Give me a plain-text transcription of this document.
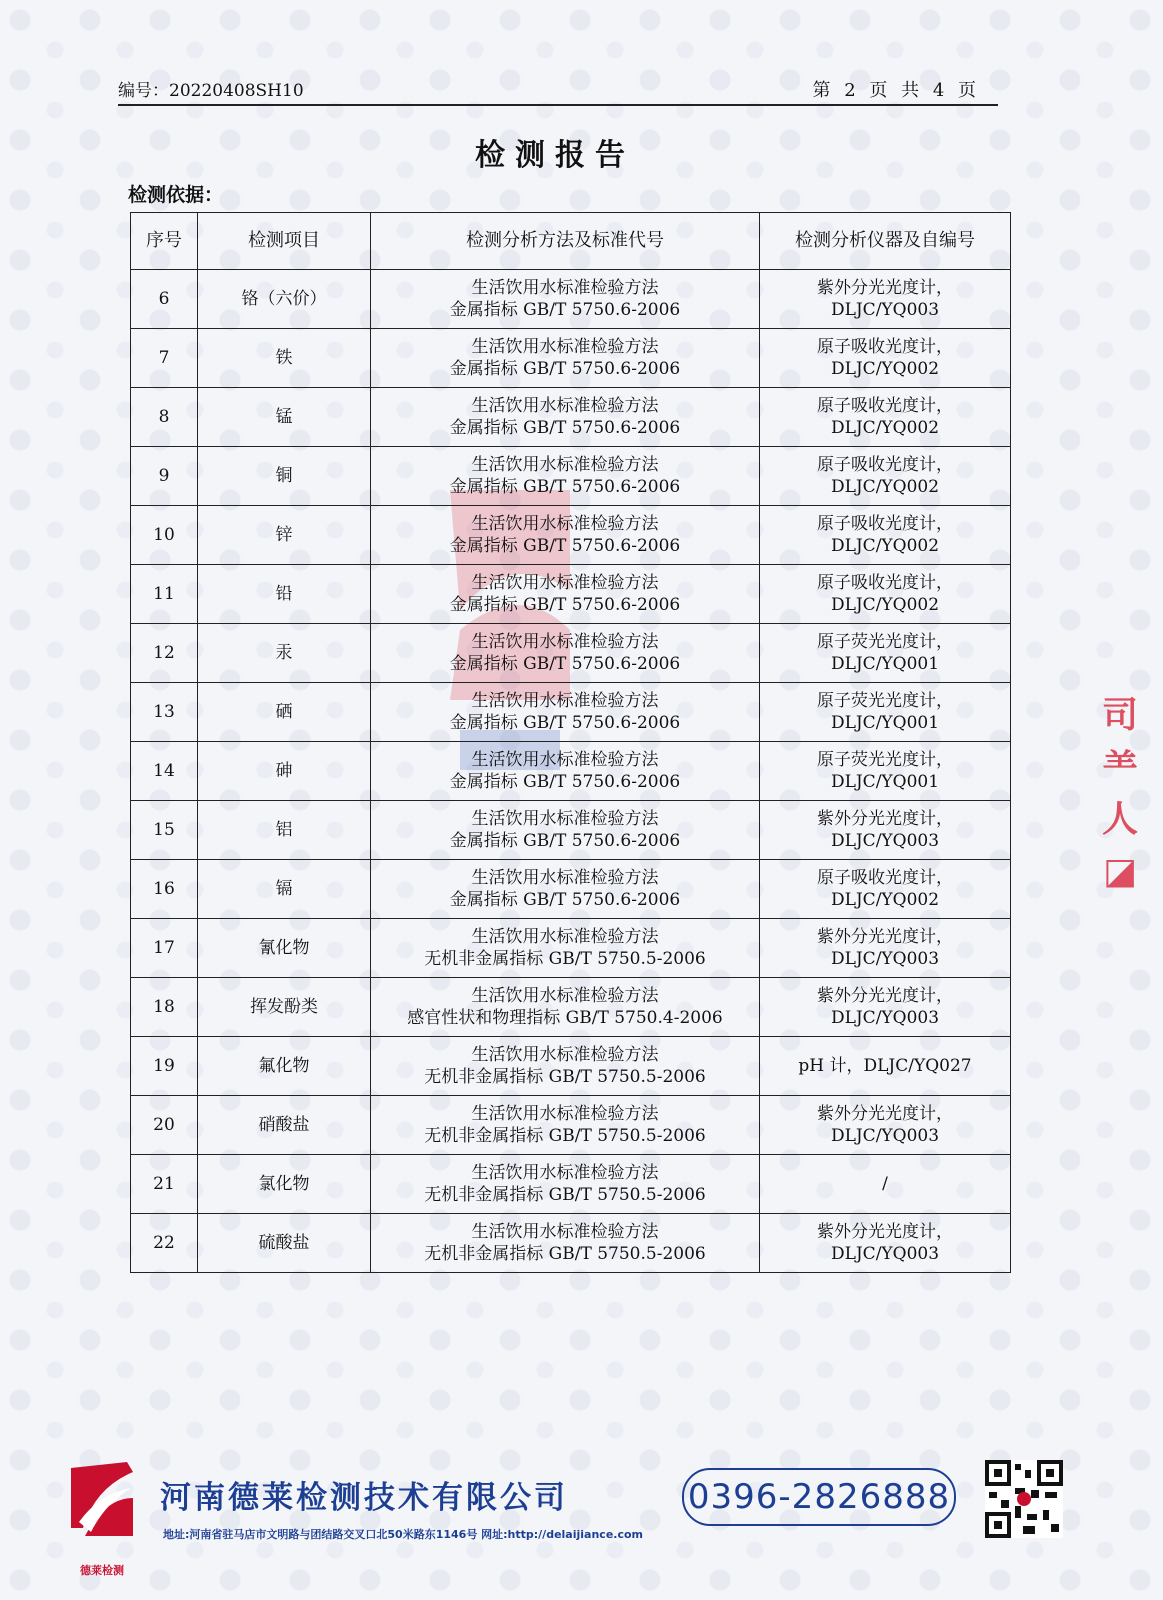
编号：20220408SH10	第 2 页 共 4 页
检测报告
检测依据：
序号	检测项目	检测分析方法及标准代号	检测分析仪器及自编号
6	铬（六价）	生活饮用水标准检验方法
金属指标 GB/T 5750.6-2006	紫外分光光度计，
DLJC/YQ003

7	铁	生活饮用水标准检验方法
金属指标 GB/T 5750.6-2006	原子吸收光度计，
DLJC/YQ002

8	锰	生活饮用水标准检验方法
金属指标 GB/T 5750.6-2006	原子吸收光度计，
DLJC/YQ002

9	铜	生活饮用水标准检验方法
金属指标 GB/T 5750.6-2006	原子吸收光度计，
DLJC/YQ002

10	锌	生活饮用水标准检验方法
金属指标 GB/T 5750.6-2006	原子吸收光度计，
DLJC/YQ002

11	铅	生活饮用水标准检验方法
金属指标 GB/T 5750.6-2006	原子吸收光度计，
DLJC/YQ002

12	汞	生活饮用水标准检验方法
金属指标 GB/T 5750.6-2006	原子荧光光度计，
DLJC/YQ001

13	硒	生活饮用水标准检验方法
金属指标 GB/T 5750.6-2006	原子荧光光度计，
DLJC/YQ001

14	砷	生活饮用水标准检验方法
金属指标 GB/T 5750.6-2006	原子荧光光度计，
DLJC/YQ001

15	铝	生活饮用水标准检验方法
金属指标 GB/T 5750.6-2006	紫外分光光度计，
DLJC/YQ003

16	镉	生活饮用水标准检验方法
金属指标 GB/T 5750.6-2006	原子吸收光度计，
DLJC/YQ002

17	氰化物	生活饮用水标准检验方法
无机非金属指标 GB/T 5750.5-2006	紫外分光光度计，
DLJC/YQ003

18	挥发酚类	生活饮用水标准检验方法
感官性状和物理指标 GB/T 5750.4-2006	紫外分光光度计，
DLJC/YQ003

19	氟化物	生活饮用水标准检验方法
无机非金属指标 GB/T 5750.5-2006	pH 计，DLJC/YQ027

20	硝酸盐	生活饮用水标准检验方法
无机非金属指标 GB/T 5750.5-2006	紫外分光光度计，
DLJC/YQ003

21	氯化物	生活饮用水标准检验方法
无机非金属指标 GB/T 5750.5-2006	/

22	硫酸盐	生活饮用水标准检验方法
无机非金属指标 GB/T 5750.5-2006	紫外分光光度计，
DLJC/YQ003
司 ⺷ 人 ◪
德莱检测
河南德莱检测技术有限公司
地址:河南省驻马店市文明路与团结路交叉口北50米路东1146号 网址:http://delaijiance.com
0396-2826888
